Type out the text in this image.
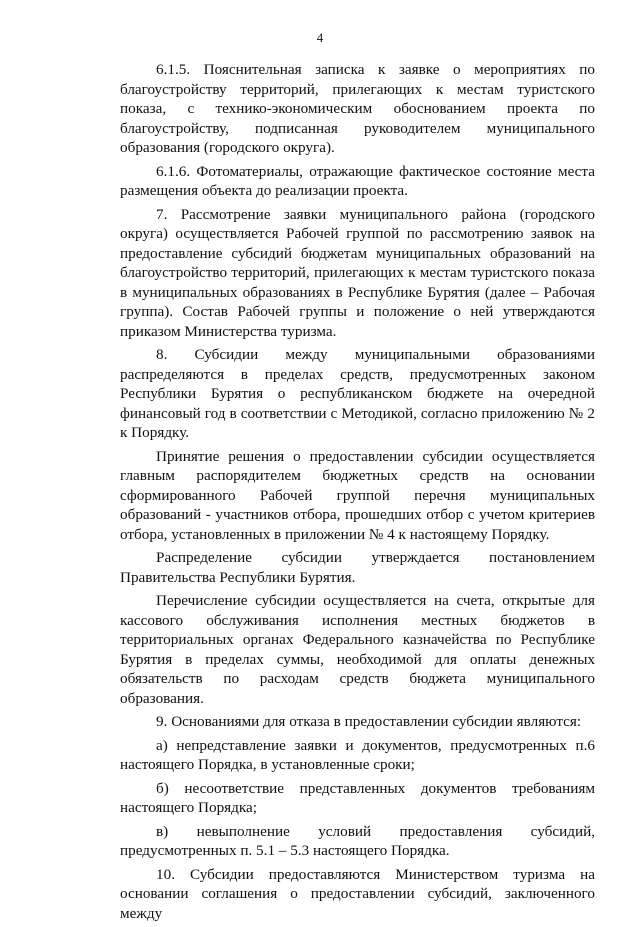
4

6.1.5. Пояснительная записка к заявке о мероприятиях по благоустройству территорий, прилегающих к местам туристского показа, с технико-экономическим обоснованием проекта по благоустройству, подписанная руководителем муниципального образования (городского округа).

6.1.6. Фотоматериалы, отражающие фактическое состояние места размещения объекта до реализации проекта.

7. Рассмотрение заявки муниципального района (городского округа) осуществляется Рабочей группой по рассмотрению заявок на предоставление субсидий бюджетам муниципальных образований на благоустройство территорий, прилегающих к местам туристского показа в муниципальных образованиях в Республике Бурятия (далее – Рабочая группа). Состав Рабочей группы и положение о ней утверждаются приказом Министерства туризма.

8. Субсидии между муниципальными образованиями распределяются в пределах средств, предусмотренных законом Республики Бурятия о республиканском бюджете на очередной финансовый год в соответствии с Методикой, согласно приложению № 2 к Порядку.

Принятие решения о предоставлении субсидии осуществляется главным распорядителем бюджетных средств на основании сформированного Рабочей группой перечня муниципальных образований - участников отбора, прошедших отбор с учетом критериев отбора, установленных в приложении № 4 к настоящему Порядку.

Распределение субсидии утверждается постановлением Правительства Республики Бурятия.

Перечисление субсидии осуществляется на счета, открытые для кассового обслуживания исполнения местных бюджетов в территориальных органах Федерального казначейства по Республике Бурятия в пределах суммы, необходимой для оплаты денежных обязательств по расходам средств бюджета муниципального образования.

9. Основаниями для отказа в предоставлении субсидии являются:

а) непредставление заявки и документов, предусмотренных п.6 настоящего Порядка, в установленные сроки;

б) несоответствие представленных документов требованиям настоящего Порядка;

в) невыполнение условий предоставления субсидий, предусмотренных п. 5.1 – 5.3 настоящего Порядка.

10. Субсидии предоставляются Министерством туризма на основании соглашения о предоставлении субсидий, заключенного между
